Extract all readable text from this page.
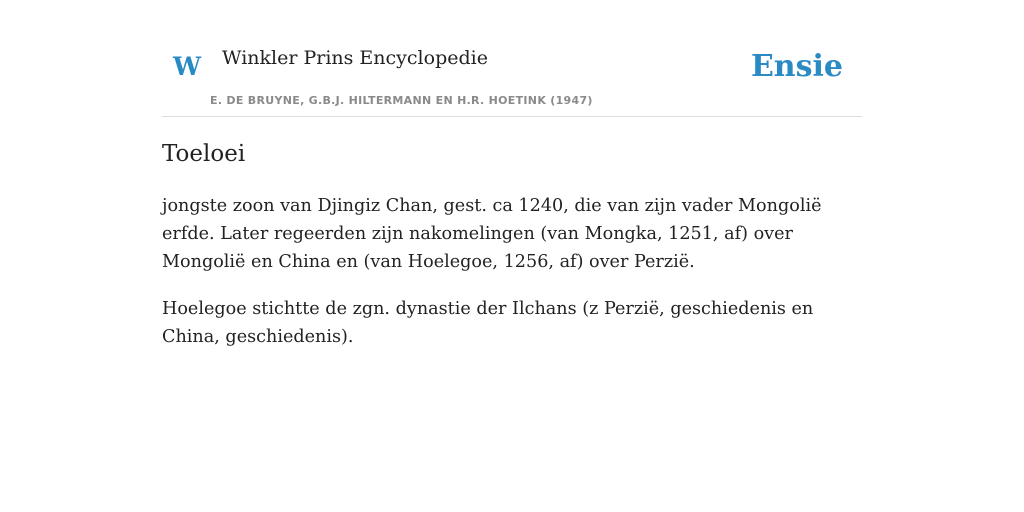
W Winkler Prins Encyclopedie
E. DE BRUYNE, G.B.J. HILTERMANN EN H.R. HOETINK (1947)
Ensie
Toeloei

jongste zoon van Djingiz Chan, gest. ca 1240, die van zijn vader Mongolië erfde. Later regeerden zijn nakomelingen (van Mongka, 1251, af) over Mongolië en China en (van Hoelegoe, 1256, af) over Perzië.

Hoelegoe stichtte de zgn. dynastie der Ilchans (z Perzië, geschiedenis en China, geschiedenis).
